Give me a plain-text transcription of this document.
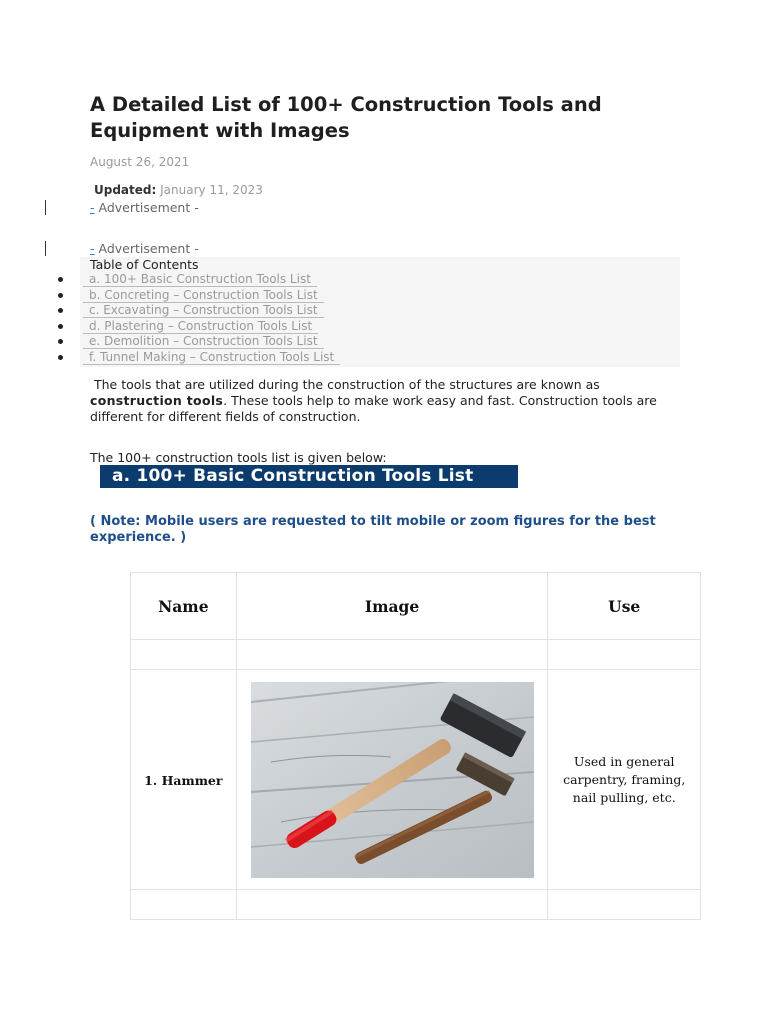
A Detailed List of 100+ Construction Tools and Equipment with Images
August 26, 2021
Updated: January 11, 2023
- Advertisement -
- Advertisement -
Table of Contents
a. 100+ Basic Construction Tools List
b. Concreting – Construction Tools List
c. Excavating – Construction Tools List
d. Plastering – Construction Tools List
e. Demolition – Construction Tools List
f. Tunnel Making – Construction Tools List
The tools that are utilized during the construction of the structures are known as construction tools. These tools help to make work easy and fast. Construction tools are different for different fields of construction.
The 100+ construction tools list is given below:
a. 100+ Basic Construction Tools List
( Note: Mobile users are requested to tilt mobile or zoom figures for the best experience. )
Name	Image	Use

1. Hammer		Used in general carpentry, framing, nail pulling, etc.
